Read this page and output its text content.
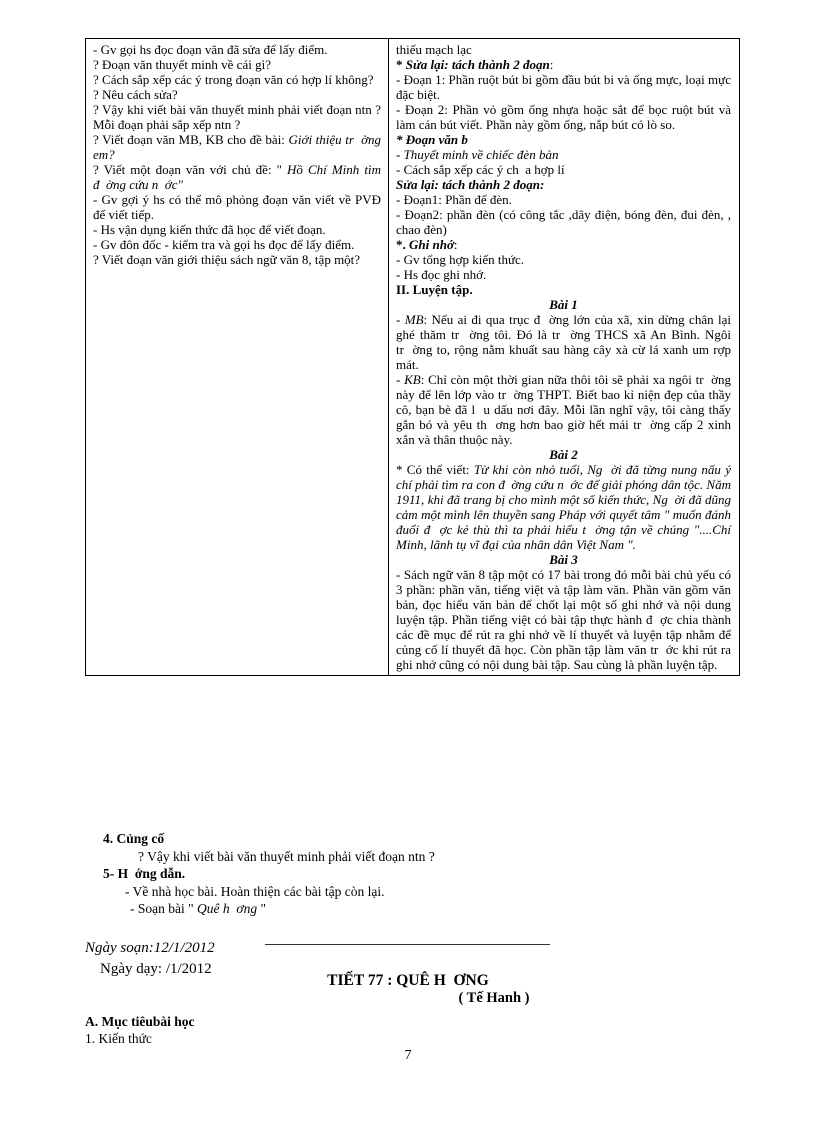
- Gv gọi hs đọc đoạn văn đã sửa để lấy điểm.

? Đoạn văn thuyết minh về cái gì?

? Cách sắp xếp các ý trong đoạn văn có hợp lí không?

? Nêu cách sửa?

? Vậy khi viết bài văn thuyết minh phải viết đoạn ntn ? Mỗi đoạn phải sắp xếp ntn ?

? Viết đoạn văn MB, KB cho đề bài: Giới thiệu tr  ờng em?

? Viết một đoạn văn với chủ đề: " Hồ Chí Minh tìm đ  ờng cứu n  ớc"

- Gv gợi ý hs có thể mô phỏng đoạn văn viết về PVĐ để viết tiếp.

- Hs vận dụng kiến thức đã học để viết đoạn.

- Gv đôn đốc - kiểm tra và gọi hs đọc để lấy điểm.

? Viết đoạn văn giới thiệu sách ngữ văn 8, tập một?

thiếu mạch lạc

* Sửa lại: tách thành 2 đoạn:

- Đoạn 1: Phần ruột bút bi gồm đầu bút bi và ống mực, loại mực đặc biệt.

- Đoạn 2: Phần vỏ gồm ống nhựa hoặc sắt để bọc ruột bút và làm cán bút viết. Phần này gồm ống, nắp bút có lò so.

* Đoạn văn b

- Thuyết minh về chiếc đèn bàn

- Cách sắp xếp các ý ch  a hợp lí

Sửa lại: tách thành 2 đoạn:

- Đoạn1: Phần đế đèn.

- Đoạn2: phần đèn (có công tắc ,dây điện, bóng đèn, đui đèn, , chao đèn)

*. Ghi nhớ:

- Gv tổng hợp kiến thức.

- Hs đọc ghi nhớ.

II. Luyện tập.

Bài 1

- MB: Nếu ai đi qua trục đ  ờng lớn của xã, xin dừng chân lại ghé thăm tr  ờng tôi. Đó là tr  ờng THCS xã An Bình. Ngôi tr  ờng to, rộng nằm khuất sau hàng cây xà cừ lá xanh um rợp mát.

- KB: Chỉ còn một thời gian nữa thôi tôi sẽ phải xa ngôi tr  ờng này để lên lớp vào tr  ờng THPT. Biết bao kỉ niện đẹp của thầy cô, bạn bè đã l  u dấu nơi đây. Mỗi lần nghĩ vậy, tôi càng thấy gắn bó và yêu th  ơng hơn bao giờ hết mái tr  ờng cấp 2 xinh xắn và thân thuộc này.

Bài 2

* Có thể viết: Từ khi còn nhỏ tuổi, Ng  ời đã từng nung nấu ý chí phải tìm ra con đ  ờng cứu n  ớc để giải phóng dân tộc. Năm 1911, khi đã trang bị cho mình một số kiến thức, Ng  ời đã dũng cảm một mình lên thuyền sang Pháp với quyết tâm " muốn đánh đuổi đ  ợc kẻ thù thì ta phải hiểu t  ờng tận về chúng "....Chí Minh, lãnh tụ vĩ đại của nhân dân Việt Nam ".

Bài 3

- Sách ngữ văn 8 tập một có 17 bài trong đó mỗi bài chủ yếu có 3 phần: phần văn, tiếng việt và tập làm văn. Phần văn gồm văn bản, đọc hiểu văn bản để chốt lại một số ghi nhớ và nội dung luyện tập. Phần tiếng việt có bài tập thực hành đ  ợc chia thành các đề mục để rút ra ghi nhớ về lí thuyết và luyện tập nhằm để củng cố lí thuyết đã học. Còn phần tập làm văn tr  ớc khi rút ra ghi nhớ cũng có nội dung bài tập. Sau cùng là phần luyện tập.

4. Củng cố
? Vậy khi viết bài văn thuyết minh phải viết đoạn ntn ?
5- H  ớng dẫn.
- Về nhà học bài. Hoàn thiện các bài tập còn lại.
- Soạn bài " Quê h  ơng "
Ngày soạn:12/1/2012
Ngày dạy: /1/2012
TIẾT 77 : QUÊ H  ƠNG
( Tế Hanh )
A. Mục tiêubài học
1. Kiến thức
7
